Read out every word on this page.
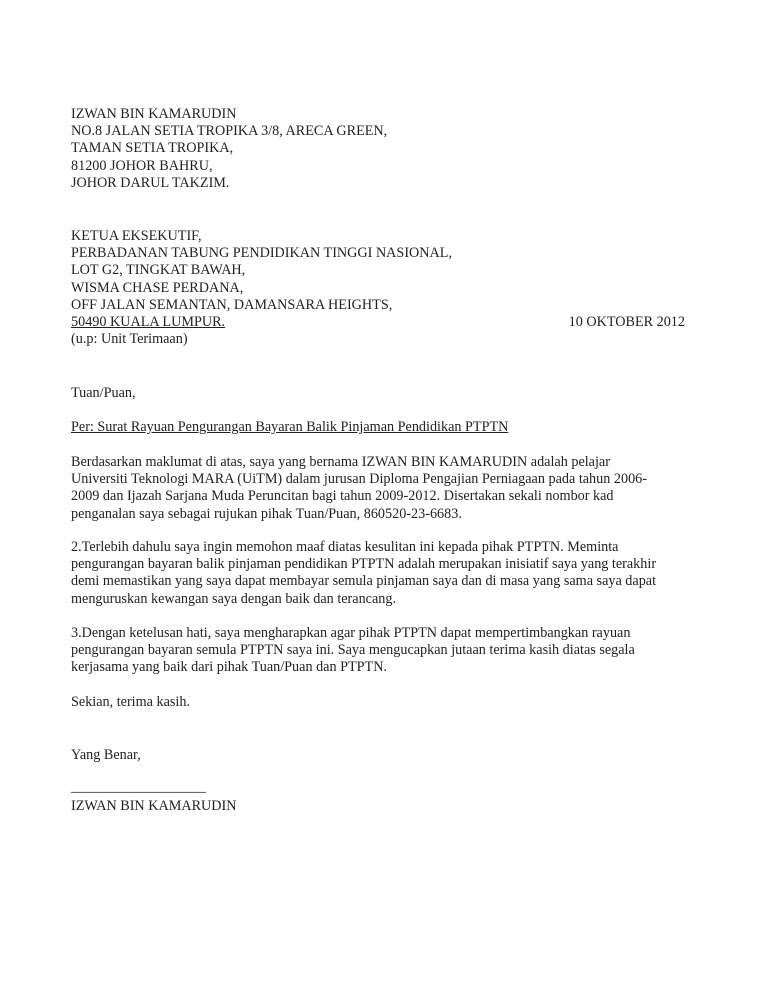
IZWAN BIN KAMARUDIN
NO.8 JALAN SETIA TROPIKA 3/8, ARECA GREEN,
TAMAN SETIA TROPIKA,
81200 JOHOR BAHRU,
JOHOR DARUL TAKZIM.
KETUA EKSEKUTIF,
PERBADANAN TABUNG PENDIDIKAN TINGGI NASIONAL,
LOT G2, TINGKAT BAWAH,
WISMA CHASE PERDANA,
OFF JALAN SEMANTAN, DAMANSARA HEIGHTS,
50490 KUALA LUMPUR.	10 OKTOBER 2012
(u.p: Unit Terimaan)
Tuan/Puan,
Per: Surat Rayuan Pengurangan Bayaran Balik Pinjaman Pendidikan PTPTN
Berdasarkan maklumat di atas, saya yang bernama IZWAN BIN KAMARUDIN adalah pelajar
Universiti Teknologi MARA (UiTM) dalam jurusan Diploma Pengajian Perniagaan pada tahun 2006-
2009 dan Ijazah Sarjana Muda Peruncitan bagi tahun 2009-2012. Disertakan sekali nombor kad
penganalan saya sebagai rujukan pihak Tuan/Puan, 860520-23-6683.
2.Terlebih dahulu saya ingin memohon maaf diatas kesulitan ini kepada pihak PTPTN. Meminta
pengurangan bayaran balik pinjaman pendidikan PTPTN adalah merupakan inisiatif saya yang terakhir
demi memastikan yang saya dapat membayar semula pinjaman saya dan di masa yang sama saya dapat
menguruskan kewangan saya dengan baik dan terancang.
3.Dengan ketelusan hati, saya mengharapkan agar pihak PTPTN dapat mempertimbangkan rayuan
pengurangan bayaran semula PTPTN saya ini. Saya mengucapkan jutaan terima kasih diatas segala
kerjasama yang baik dari pihak Tuan/Puan dan PTPTN.
Sekian, terima kasih.
Yang Benar,
___________________
IZWAN BIN KAMARUDIN
